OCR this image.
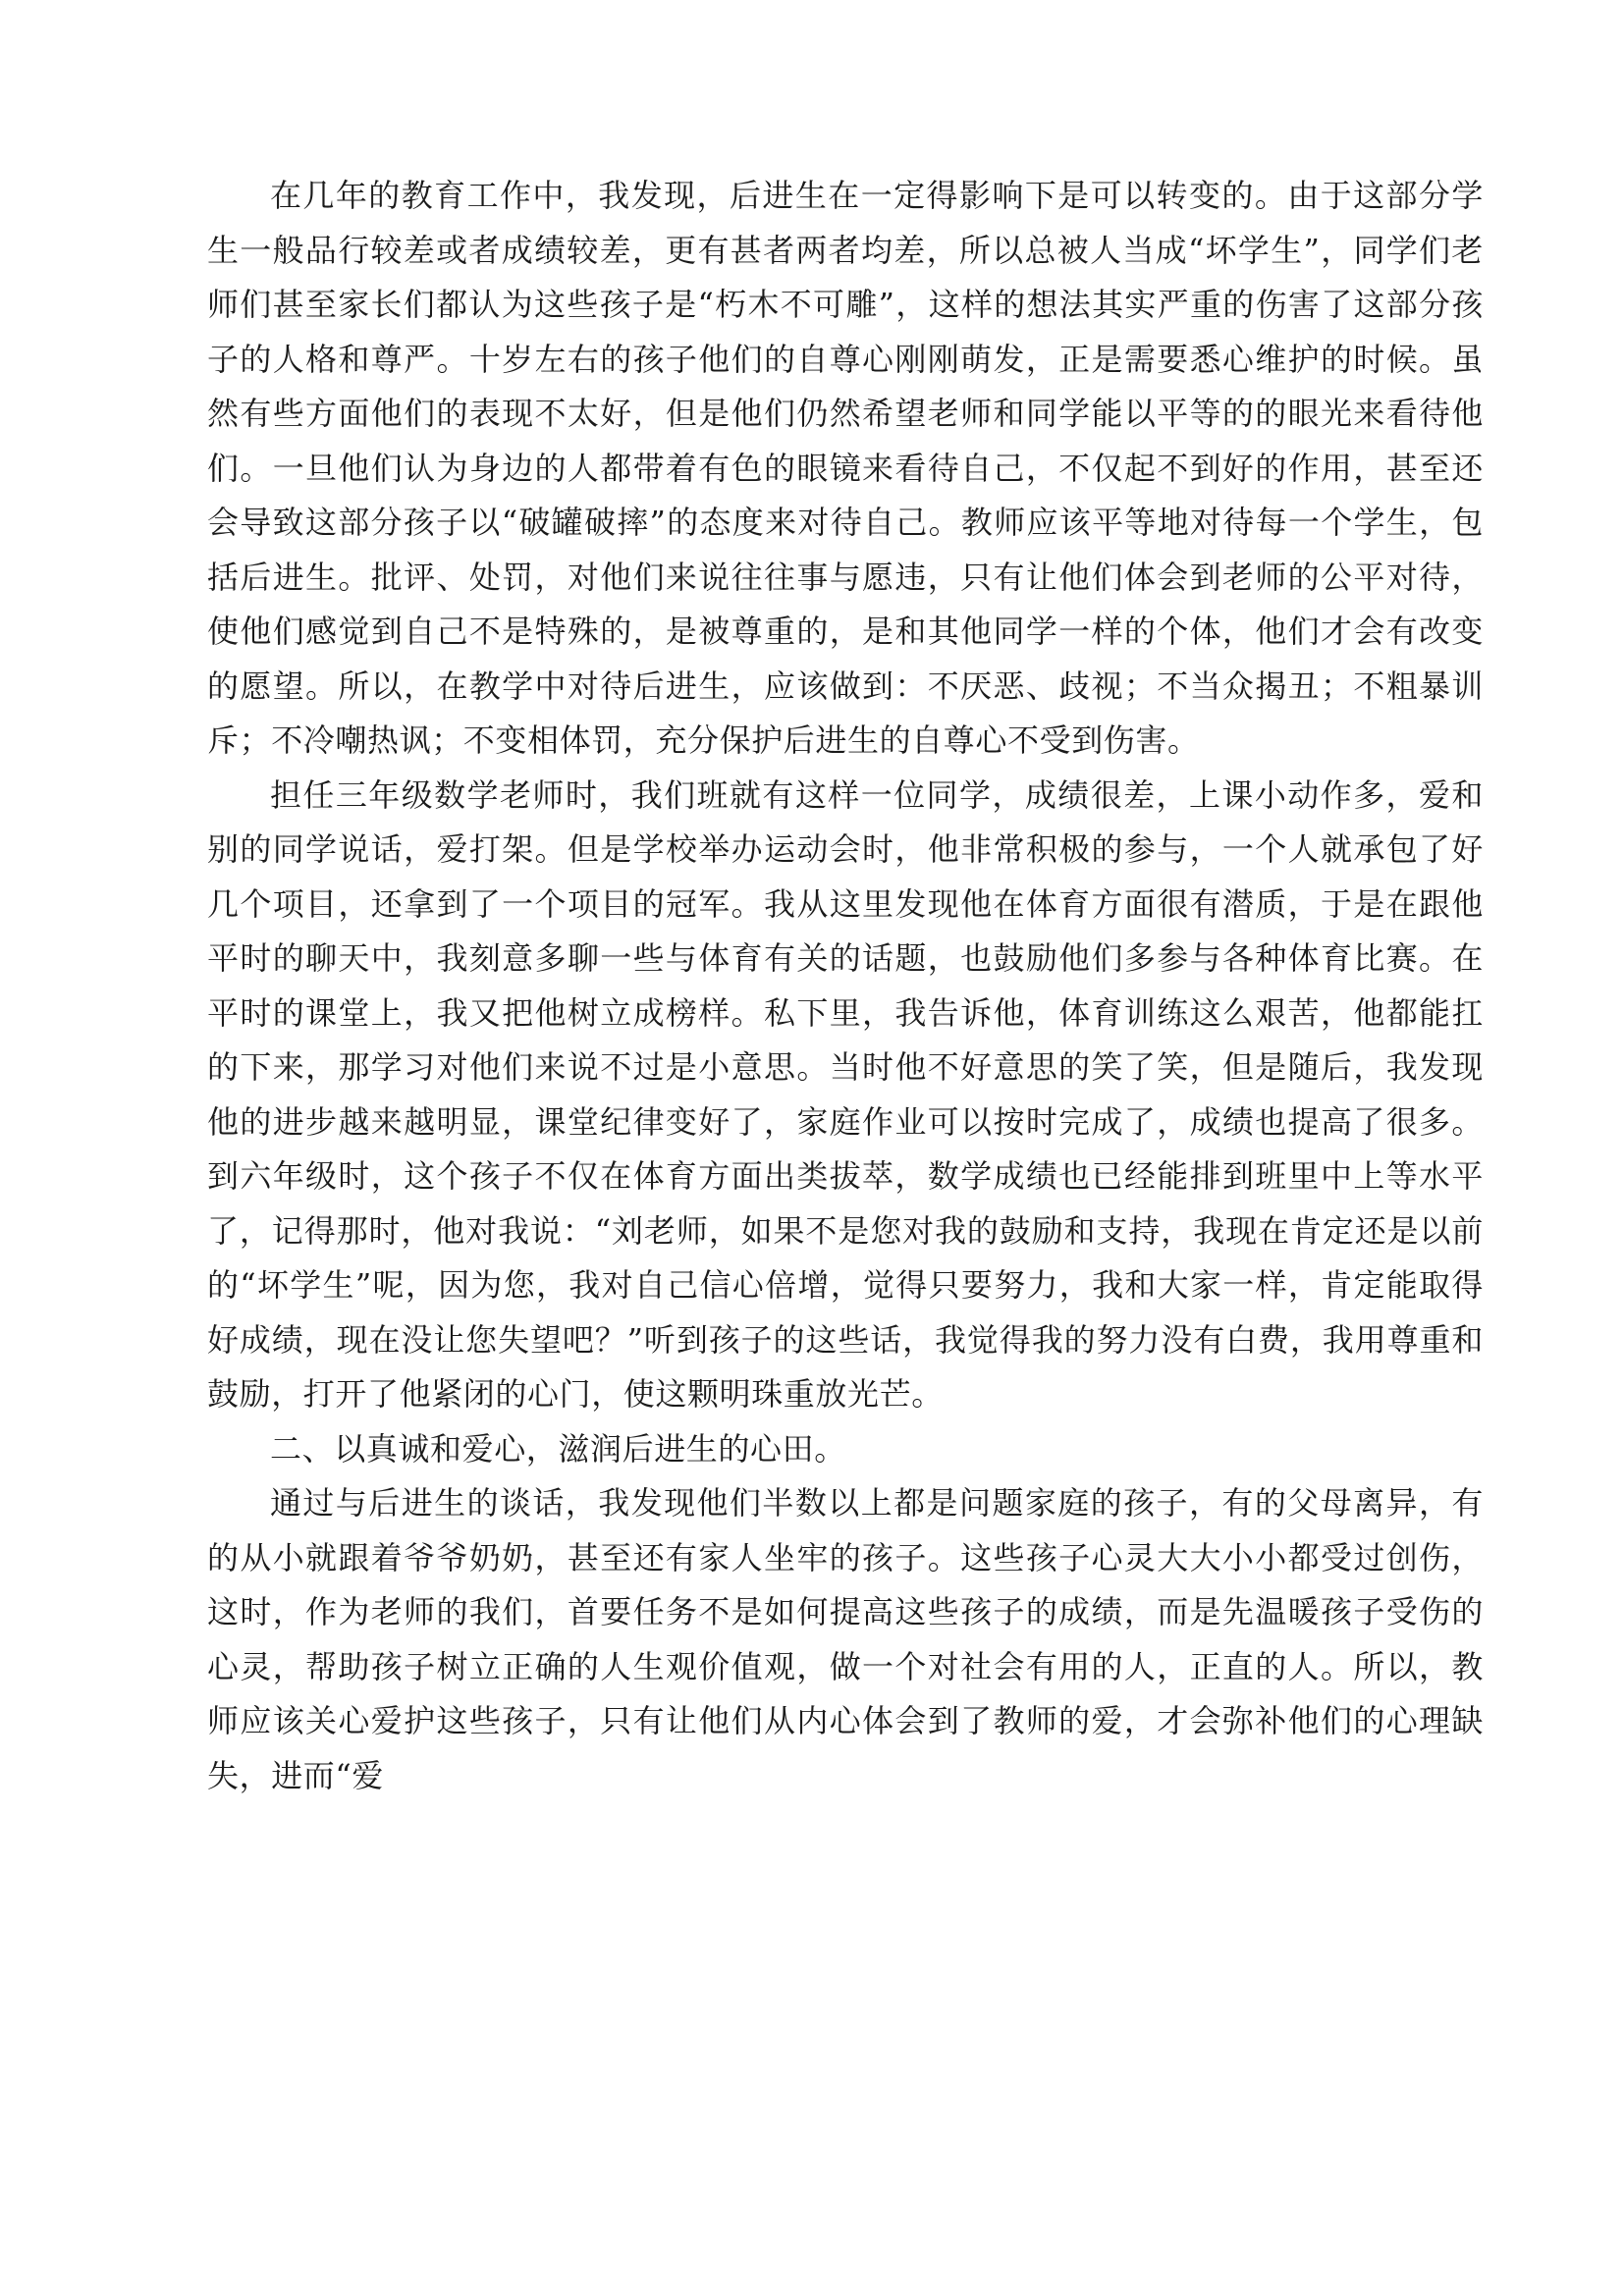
在几年的教育工作中，我发现，后进生在一定得影响下是可以转变的。由于这部分学生一般品行较差或者成绩较差，更有甚者两者均差，所以总被人当成“坏学生”，同学们老师们甚至家长们都认为这些孩子是“朽木不可雕”，这样的想法其实严重的伤害了这部分孩子的人格和尊严。十岁左右的孩子他们的自尊心刚刚萌发，正是需要悉心维护的时候。虽然有些方面他们的表现不太好，但是他们仍然希望老师和同学能以平等的的眼光来看待他们。一旦他们认为身边的人都带着有色的眼镜来看待自己，不仅起不到好的作用，甚至还会导致这部分孩子以“破罐破摔”的态度来对待自己。教师应该平等地对待每一个学生，包括后进生。批评、处罚，对他们来说往往事与愿违，只有让他们体会到老师的公平对待，使他们感觉到自己不是特殊的，是被尊重的，是和其他同学一样的个体，他们才会有改变的愿望。所以，在教学中对待后进生，应该做到：不厌恶、歧视；不当众揭丑；不粗暴训斥；不冷嘲热讽；不变相体罚，充分保护后进生的自尊心不受到伤害。

担任三年级数学老师时，我们班就有这样一位同学，成绩很差，上课小动作多，爱和别的同学说话，爱打架。但是学校举办运动会时，他非常积极的参与，一个人就承包了好几个项目，还拿到了一个项目的冠军。我从这里发现他在体育方面很有潜质，于是在跟他平时的聊天中，我刻意多聊一些与体育有关的话题，也鼓励他们多参与各种体育比赛。在平时的课堂上，我又把他树立成榜样。私下里，我告诉他，体育训练这么艰苦，他都能扛的下来，那学习对他们来说不过是小意思。当时他不好意思的笑了笑，但是随后，我发现他的进步越来越明显，课堂纪律变好了，家庭作业可以按时完成了，成绩也提高了很多。到六年级时，这个孩子不仅在体育方面出类拔萃，数学成绩也已经能排到班里中上等水平了，记得那时，他对我说：“刘老师，如果不是您对我的鼓励和支持，我现在肯定还是以前的“坏学生”呢，因为您，我对自己信心倍增，觉得只要努力，我和大家一样，肯定能取得好成绩，现在没让您失望吧？”听到孩子的这些话，我觉得我的努力没有白费，我用尊重和鼓励，打开了他紧闭的心门，使这颗明珠重放光芒。

二、以真诚和爱心，滋润后进生的心田。

通过与后进生的谈话，我发现他们半数以上都是问题家庭的孩子，有的父母离异，有的从小就跟着爷爷奶奶，甚至还有家人坐牢的孩子。这些孩子心灵大大小小都受过创伤，这时，作为老师的我们，首要任务不是如何提高这些孩子的成绩，而是先温暖孩子受伤的心灵，帮助孩子树立正确的人生观价值观，做一个对社会有用的人，正直的人。所以，教师应该关心爱护这些孩子，只有让他们从内心体会到了教师的爱，才会弥补他们的心理缺失，进而“爱
